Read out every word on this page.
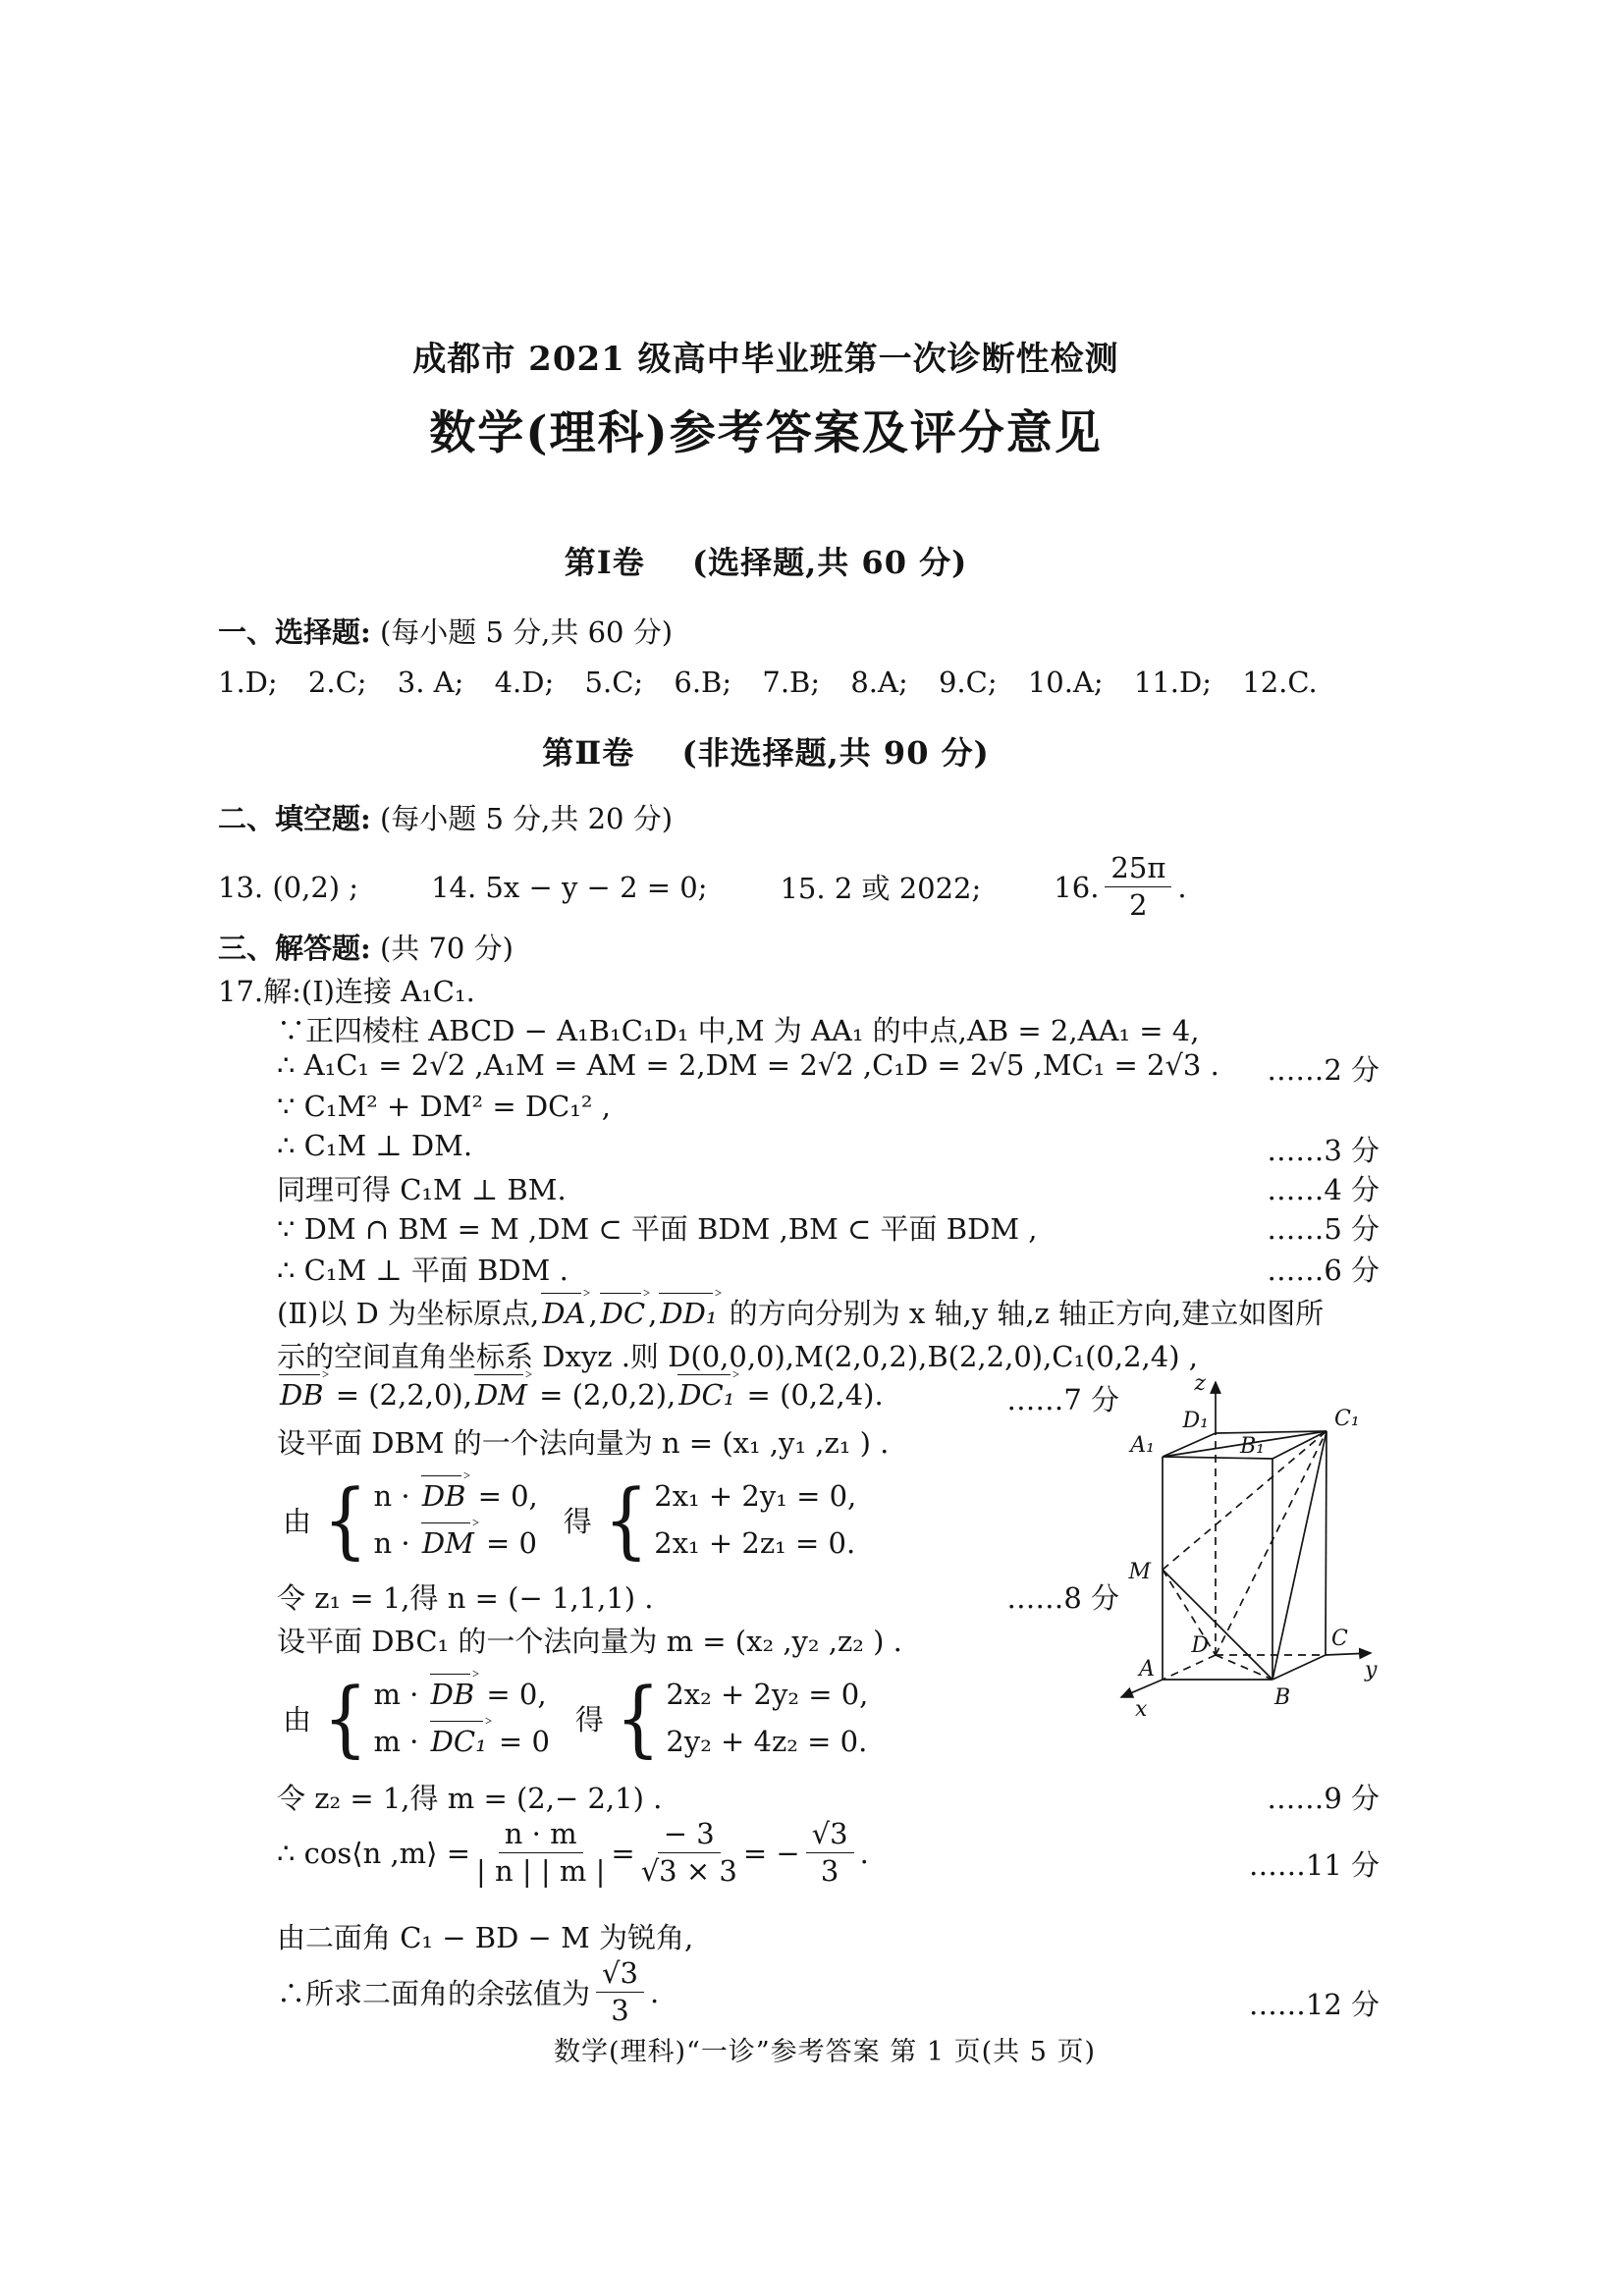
成都市 2021 级高中毕业班第一次诊断性检测
数学(理科)参考答案及评分意见
第Ⅰ卷 (选择题,共 60 分)
一、选择题: (每小题 5 分,共 60 分)
1.D; 2.C; 3. A; 4.D; 5.C; 6.B; 7.B; 8.A; 9.C; 10.A; 11.D; 12.C.
第Ⅱ卷 (非选择题,共 90 分)
二、填空题: (每小题 5 分,共 20 分)
13. (0,2) ;	14. 5x − y − 2 = 0;	15. 2 或 2022;	16. $\frac{25\pi}{2}$ .
三、解答题: (共 70 分)
17.解:(Ⅰ)连接 A₁C₁.
∵正四棱柱 ABCD − A₁B₁C₁D₁ 中,M 为 AA₁ 的中点,AB = 2,AA₁ = 4,
∴ A₁C₁ = 2√2 ,A₁M = AM = 2,DM = 2√2 ,C₁D = 2√5 ,MC₁ = 2√3 . ……2 分
∵ C₁M² + DM² = DC₁² ,
∴ C₁M ⊥ DM.	……3 分
同理可得 C₁M ⊥ BM.	……4 分
∵ DM ∩ BM = M ,DM ⊂ 平面 BDM ,BM ⊂ 平面 BDM ,	……5 分
∴ C₁M ⊥ 平面 BDM .	……6 分
(Ⅱ)以 D 为坐标原点, DA , DC , DD₁ 的方向分别为 x 轴,y 轴,z 轴正方向,建立如图所
示的空间直角坐标系 Dxyz .则 D(0,0,0),M(2,0,2),B(2,2,0),C₁(0,2,4) ,
DB = (2,2,0), DM = (2,0,2), DC₁ = (0,2,4).	……7 分
设平面 DBM 的一个法向量为 n = (x₁ ,y₁ ,z₁ ) .
由 { n · DB = 0,
n · DM = 0
得 { 2x₁ + 2y₁ = 0,
2x₁ + 2z₁ = 0.
令 z₁ = 1,得 n = (− 1,1,1) .	……8 分
设平面 DBC₁ 的一个法向量为 m = (x₂ ,y₂ ,z₂ ) .
由 { m · DB = 0,
m · DC₁ = 0
得 { 2x₂ + 2y₂ = 0,
2y₂ + 4z₂ = 0.
令 z₂ = 1,得 m = (2,− 2,1) .	……9 分
∴ cos⟨n ,m⟩ = $\frac{n \cdot m}{| n | | m |} = \frac{- 3}{√3 \times 3}$ = − $\frac{√3}{3}$ .	……11 分
由二面角 C₁ − BD − M 为锐角,
∴所求二面角的余弦值为 $\frac{√3}{3}$ .	……12 分
z
D₁	C₁
A₁	B₁
M
D	C
A
B
y
x
数学(理科)“一诊”参考答案 第 1 页(共 5 页)
